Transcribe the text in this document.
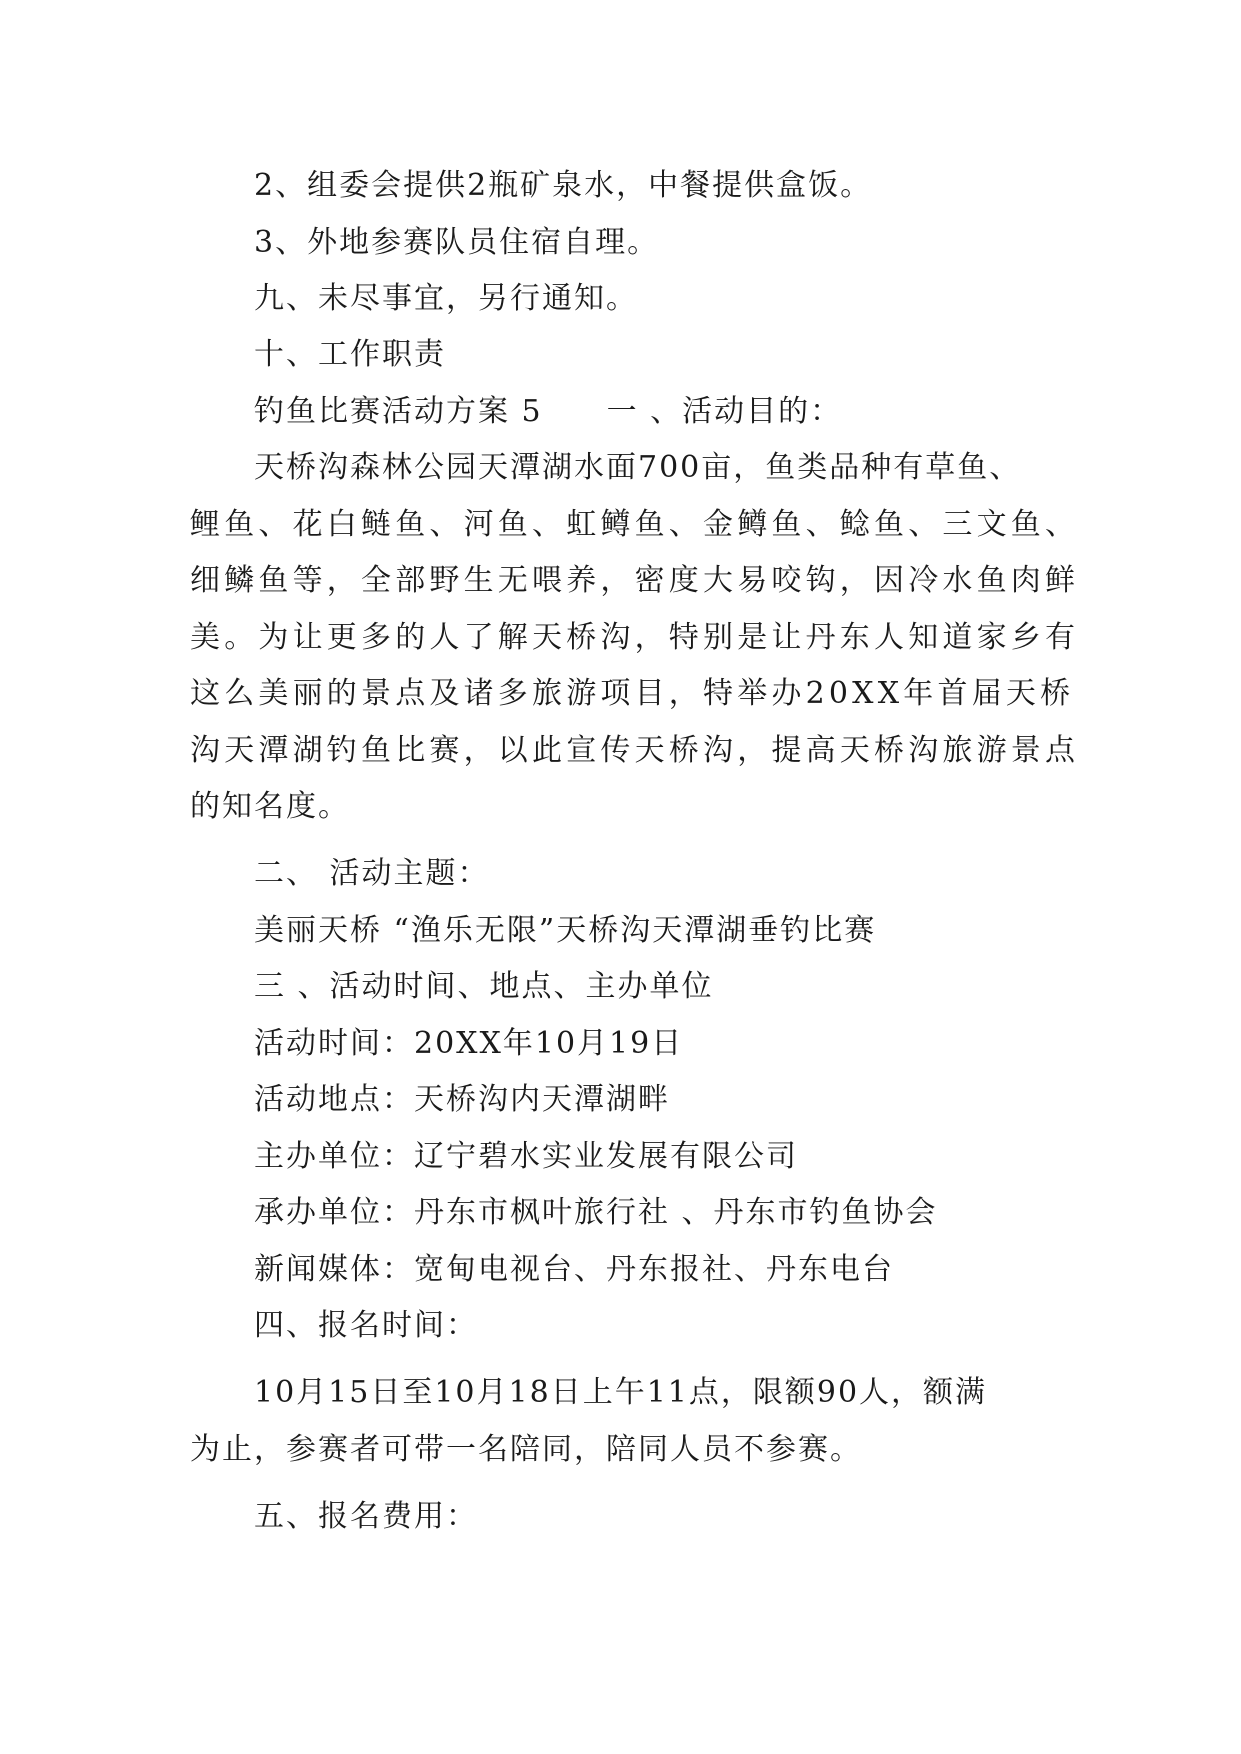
2、组委会提供2瓶矿泉水，中餐提供盒饭。
3、外地参赛队员住宿自理。
九、未尽事宜，另行通知。
十、工作职责
钓鱼比赛活动方案 5　　一 、活动目的：
天桥沟森林公园天潭湖水面700亩，鱼类品种有草鱼、
鲤鱼、花白鲢鱼、河鱼、虹鳟鱼、金鳟鱼、鲶鱼、三文鱼、
细鳞鱼等，全部野生无喂养，密度大易咬钩，因冷水鱼肉鲜
美。为让更多的人了解天桥沟，特别是让丹东人知道家乡有
这么美丽的景点及诸多旅游项目，特举办20XX年首届天桥
沟天潭湖钓鱼比赛，以此宣传天桥沟，提高天桥沟旅游景点
的知名度。
二、 活动主题：
美丽天桥 “渔乐无限”天桥沟天潭湖垂钓比赛
三 、活动时间、地点、主办单位
活动时间：20XX年10月19日
活动地点：天桥沟内天潭湖畔
主办单位：辽宁碧水实业发展有限公司
承办单位：丹东市枫叶旅行社 、丹东市钓鱼协会
新闻媒体：宽甸电视台、丹东报社、丹东电台
四、报名时间：
10月15日至10月18日上午11点，限额90人，额满
为止，参赛者可带一名陪同，陪同人员不参赛。
五、报名费用：
